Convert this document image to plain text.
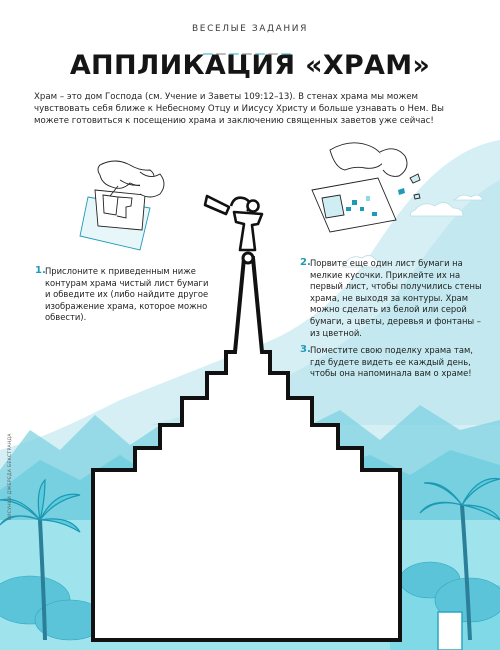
ВЕСЕЛЫЕ ЗАДАНИЯ
АППЛИКАЦИЯ «ХРАМ»
Храм – это дом Господа (см. Учение и Заветы 109:12–13). В стенах храма мы можем чувствовать себя ближе к Небесному Отцу и Иисусу Христу и больше узнавать о Нем. Вы можете готовиться к посещению храма и заключению священных заветов уже сейчас!
1. Прислоните к приведенным ниже контурам храма чистый лист бумаги и обведите их (либо найдите другое изображение храма, которое можно обвести).
2. Порвите еще один лист бумаги на мелкие кусочки. Приклейте их на первый лист, чтобы получились стены храма, не выходя за контуры. Храм можно сделать из белой или серой бумаги, а цветы, деревья и фонтаны – из цветной.
3. Поместите свою поделку храма там, где будете видеть ее каждый день, чтобы она напоминала вам о храме!
РИСУНКИ ДЖЕРЕДА БЕКСТРАНДА
